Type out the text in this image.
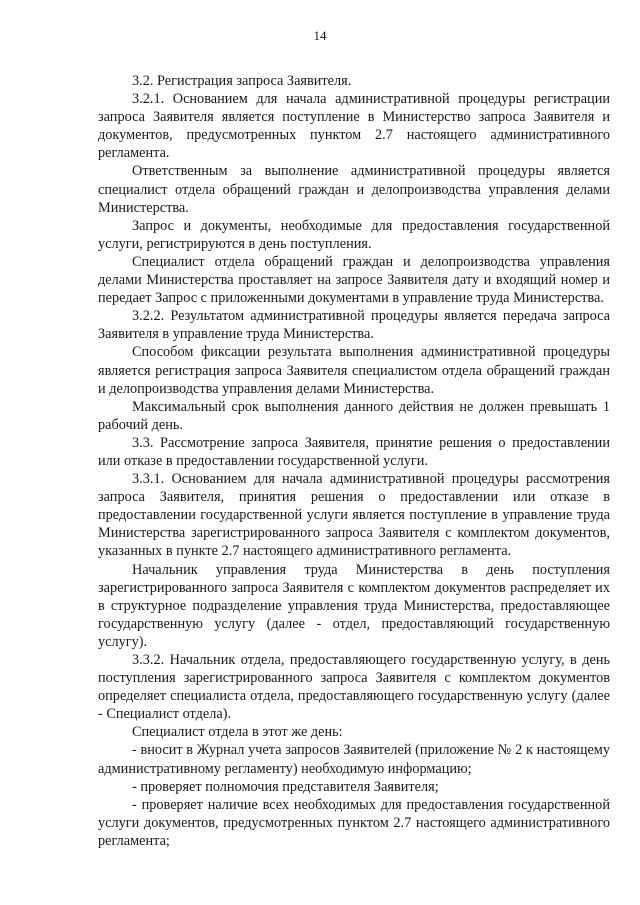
14

3.2. Регистрация запроса Заявителя.

3.2.1. Основанием для начала административной процедуры регистрации запроса Заявителя является поступление в Министерство запроса Заявителя и документов, предусмотренных пунктом 2.7 настоящего административного регламента.

Ответственным за выполнение административной процедуры является специалист отдела обращений граждан и делопроизводства управления делами Министерства.

Запрос и документы, необходимые для предоставления государственной услуги, регистрируются в день поступления.

Специалист отдела обращений граждан и делопроизводства управления делами Министерства проставляет на запросе Заявителя дату и входящий номер и передает Запрос с приложенными документами в управление труда Министерства.

3.2.2. Результатом административной процедуры является передача запроса Заявителя в управление труда Министерства.

Способом фиксации результата выполнения административной процедуры является регистрация запроса Заявителя специалистом отдела обращений граждан и делопроизводства управления делами Министерства.

Максимальный срок выполнения данного действия не должен превышать 1 рабочий день.

3.3. Рассмотрение запроса Заявителя, принятие решения о предоставлении или отказе в предоставлении государственной услуги.

3.3.1. Основанием для начала административной процедуры рассмотрения запроса Заявителя, принятия решения о предоставлении или отказе в предоставлении государственной услуги является поступление в управление труда Министерства зарегистрированного запроса Заявителя с комплектом документов, указанных в пункте 2.7 настоящего административного регламента.

Начальник управления труда Министерства в день поступления зарегистрированного запроса Заявителя с комплектом документов распределяет их в структурное подразделение управления труда Министерства, предоставляющее государственную услугу (далее - отдел, предоставляющий государственную услугу).

3.3.2. Начальник отдела, предоставляющего государственную услугу, в день поступления зарегистрированного запроса Заявителя с комплектом документов определяет специалиста отдела, предоставляющего государственную услугу (далее - Специалист отдела).

Специалист отдела в этот же день:

- вносит в Журнал учета запросов Заявителей (приложение № 2 к настоящему административному регламенту) необходимую информацию;

- проверяет полномочия представителя Заявителя;

- проверяет наличие всех необходимых для предоставления государственной услуги документов, предусмотренных пунктом 2.7 настоящего административного регламента;
